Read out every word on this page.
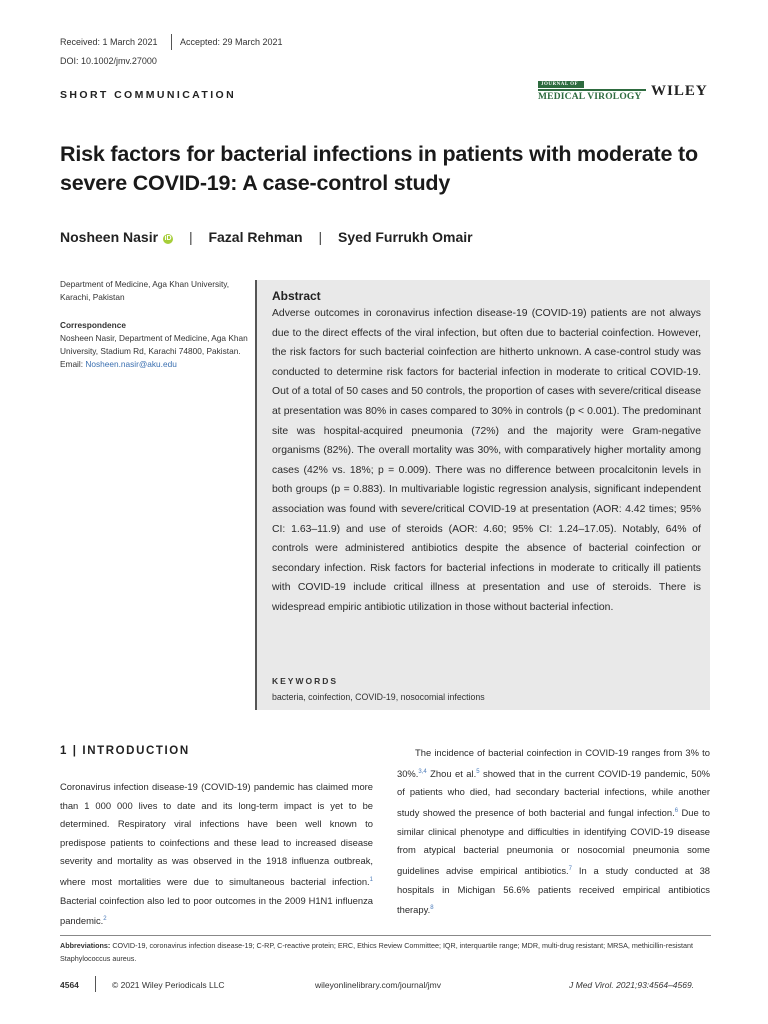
Received: 1 March 2021 Accepted: 29 March 2021
DOI: 10.1002/jmv.27000
SHORT COMMUNICATION
JOURNAL OF
MEDICAL VIROLOGY WILEY
Risk factors for bacterial infections in patients with moderate to severe COVID-19: A case-control study
Nosheen Nasir iD | Fazal Rehman | Syed Furrukh Omair
Department of Medicine, Aga Khan University, Karachi, Pakistan
Correspondence
Nosheen Nasir, Department of Medicine, Aga Khan University, Stadium Rd, Karachi 74800, Pakistan.
Email: Nosheen.nasir@aku.edu
Abstract
Adverse outcomes in coronavirus infection disease-19 (COVID-19) patients are not always due to the direct effects of the viral infection, but often due to bacterial coinfection. However, the risk factors for such bacterial coinfection are hitherto unknown. A case-control study was conducted to determine risk factors for bacterial infection in moderate to critical COVID-19. Out of a total of 50 cases and 50 controls, the proportion of cases with severe/critical disease at presentation was 80% in cases compared to 30% in controls (p < 0.001). The predominant site was hospital-acquired pneumonia (72%) and the majority were Gram-negative organisms (82%). The overall mortality was 30%, with comparatively higher mortality among cases (42% vs. 18%; p = 0.009). There was no difference between procalcitonin levels in both groups (p = 0.883). In multivariable logistic regression analysis, significant independent association was found with severe/critical COVID-19 at presentation (AOR: 4.42 times; 95% CI: 1.63–11.9) and use of steroids (AOR: 4.60; 95% CI: 1.24–17.05). Notably, 64% of controls were administered antibiotics despite the absence of bacterial coinfection or secondary infection. Risk factors for bacterial infections in moderate to critically ill patients with COVID-19 include critical illness at presentation and use of steroids. There is widespread empiric antibiotic utilization in those without bacterial infection.
KEYWORDS
bacteria, coinfection, COVID-19, nosocomial infections
1 | INTRODUCTION
Coronavirus infection disease-19 (COVID-19) pandemic has claimed more than 1 000 000 lives to date and its long-term impact is yet to be determined. Respiratory viral infections have been well known to predispose patients to coinfections and these lead to increased disease severity and mortality as was observed in the 1918 influenza outbreak, where most mortalities were due to simultaneous bacterial infection.$^1$ Bacterial coinfection also led to poor outcomes in the 2009 H1N1 influenza pandemic.$^2$
The incidence of bacterial coinfection in COVID-19 ranges from 3% to 30%.$^{3,4}$ Zhou et al.$^5$ showed that in the current COVID-19 pandemic, 50% of patients who died, had secondary bacterial infections, while another study showed the presence of both bacterial and fungal infection.$^6$ Due to similar clinical phenotype and difficulties in identifying COVID-19 disease from atypical bacterial pneumonia or nosocomial pneumonia some guidelines advise empirical antibiotics.$^7$ In a study conducted at 38 hospitals in Michigan 56.6% patients received empirical antibiotics therapy.$^8$
Abbreviations: COVID-19, coronavirus infection disease-19; C-RP, C-reactive protein; ERC, Ethics Review Committee; IQR, interquartile range; MDR, multi-drug resistant; MRSA, methicillin-resistant Staphylococcus aureus.
4564	© 2021 Wiley Periodicals LLC	wileyonlinelibrary.com/journal/jmv	J Med Virol. 2021;93:4564–4569.
